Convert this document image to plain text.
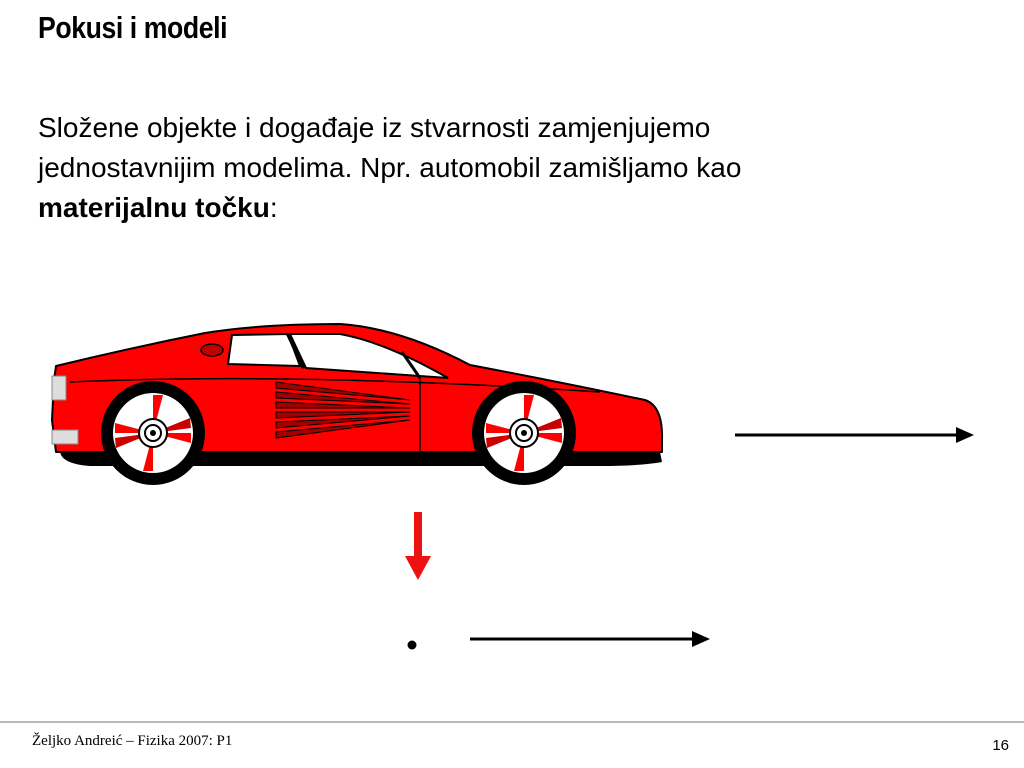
Pokusi i modeli
Složene objekte i događaje iz stvarnosti zamjenjujemo
jednostavnijim modelima. Npr. automobil zamišljamo kao
materijalnu točku:
Željko Andreić – Fizika 2007: P1	16
